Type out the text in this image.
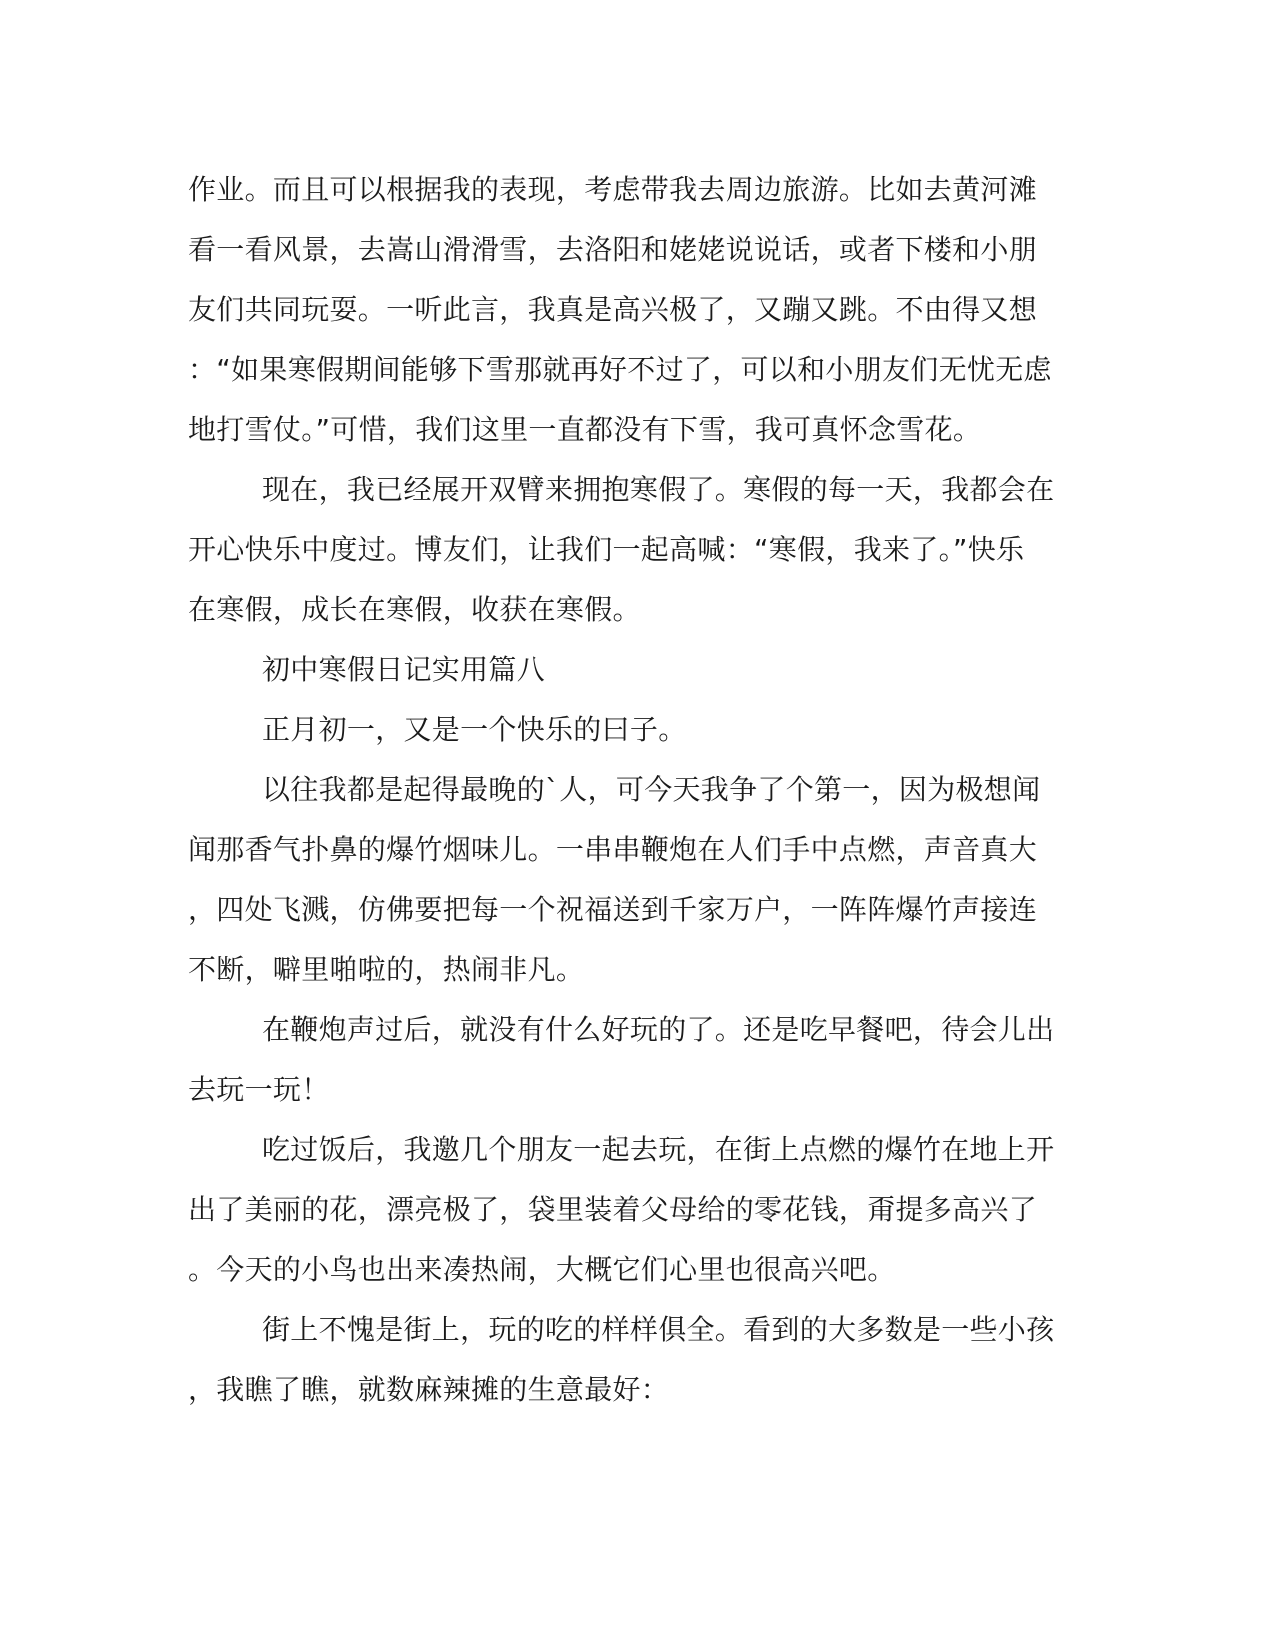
作业。而且可以根据我的表现，考虑带我去周边旅游。比如去黄河滩
看一看风景，去嵩山滑滑雪，去洛阳和姥姥说说话，或者下楼和小朋
友们共同玩耍。一听此言，我真是高兴极了，又蹦又跳。不由得又想
：“如果寒假期间能够下雪那就再好不过了，可以和小朋友们无忧无虑
地打雪仗。”可惜，我们这里一直都没有下雪，我可真怀念雪花。
现在，我已经展开双臂来拥抱寒假了。寒假的每一天，我都会在
开心快乐中度过。博友们，让我们一起高喊：“寒假，我来了。”快乐
在寒假，成长在寒假，收获在寒假。
初中寒假日记实用篇八
正月初一，又是一个快乐的曰子。
以往我都是起得最晚的`人，可今天我争了个第一，因为极想闻
闻那香气扑鼻的爆竹烟味儿。一串串鞭炮在人们手中点燃，声音真大
，四处飞溅，仿佛要把每一个祝福送到千家万户，一阵阵爆竹声接连
不断，噼里啪啦的，热闹非凡。
在鞭炮声过后，就没有什么好玩的了。还是吃早餐吧，待会儿出
去玩一玩！
吃过饭后，我邀几个朋友一起去玩，在街上点燃的爆竹在地上开
出了美丽的花，漂亮极了，袋里装着父母给的零花钱，甭提多高兴了
。今天的小鸟也出来凑热闹，大概它们心里也很高兴吧。
街上不愧是街上，玩的吃的样样俱全。看到的大多数是一些小孩
，我瞧了瞧，就数麻辣摊的生意最好：
